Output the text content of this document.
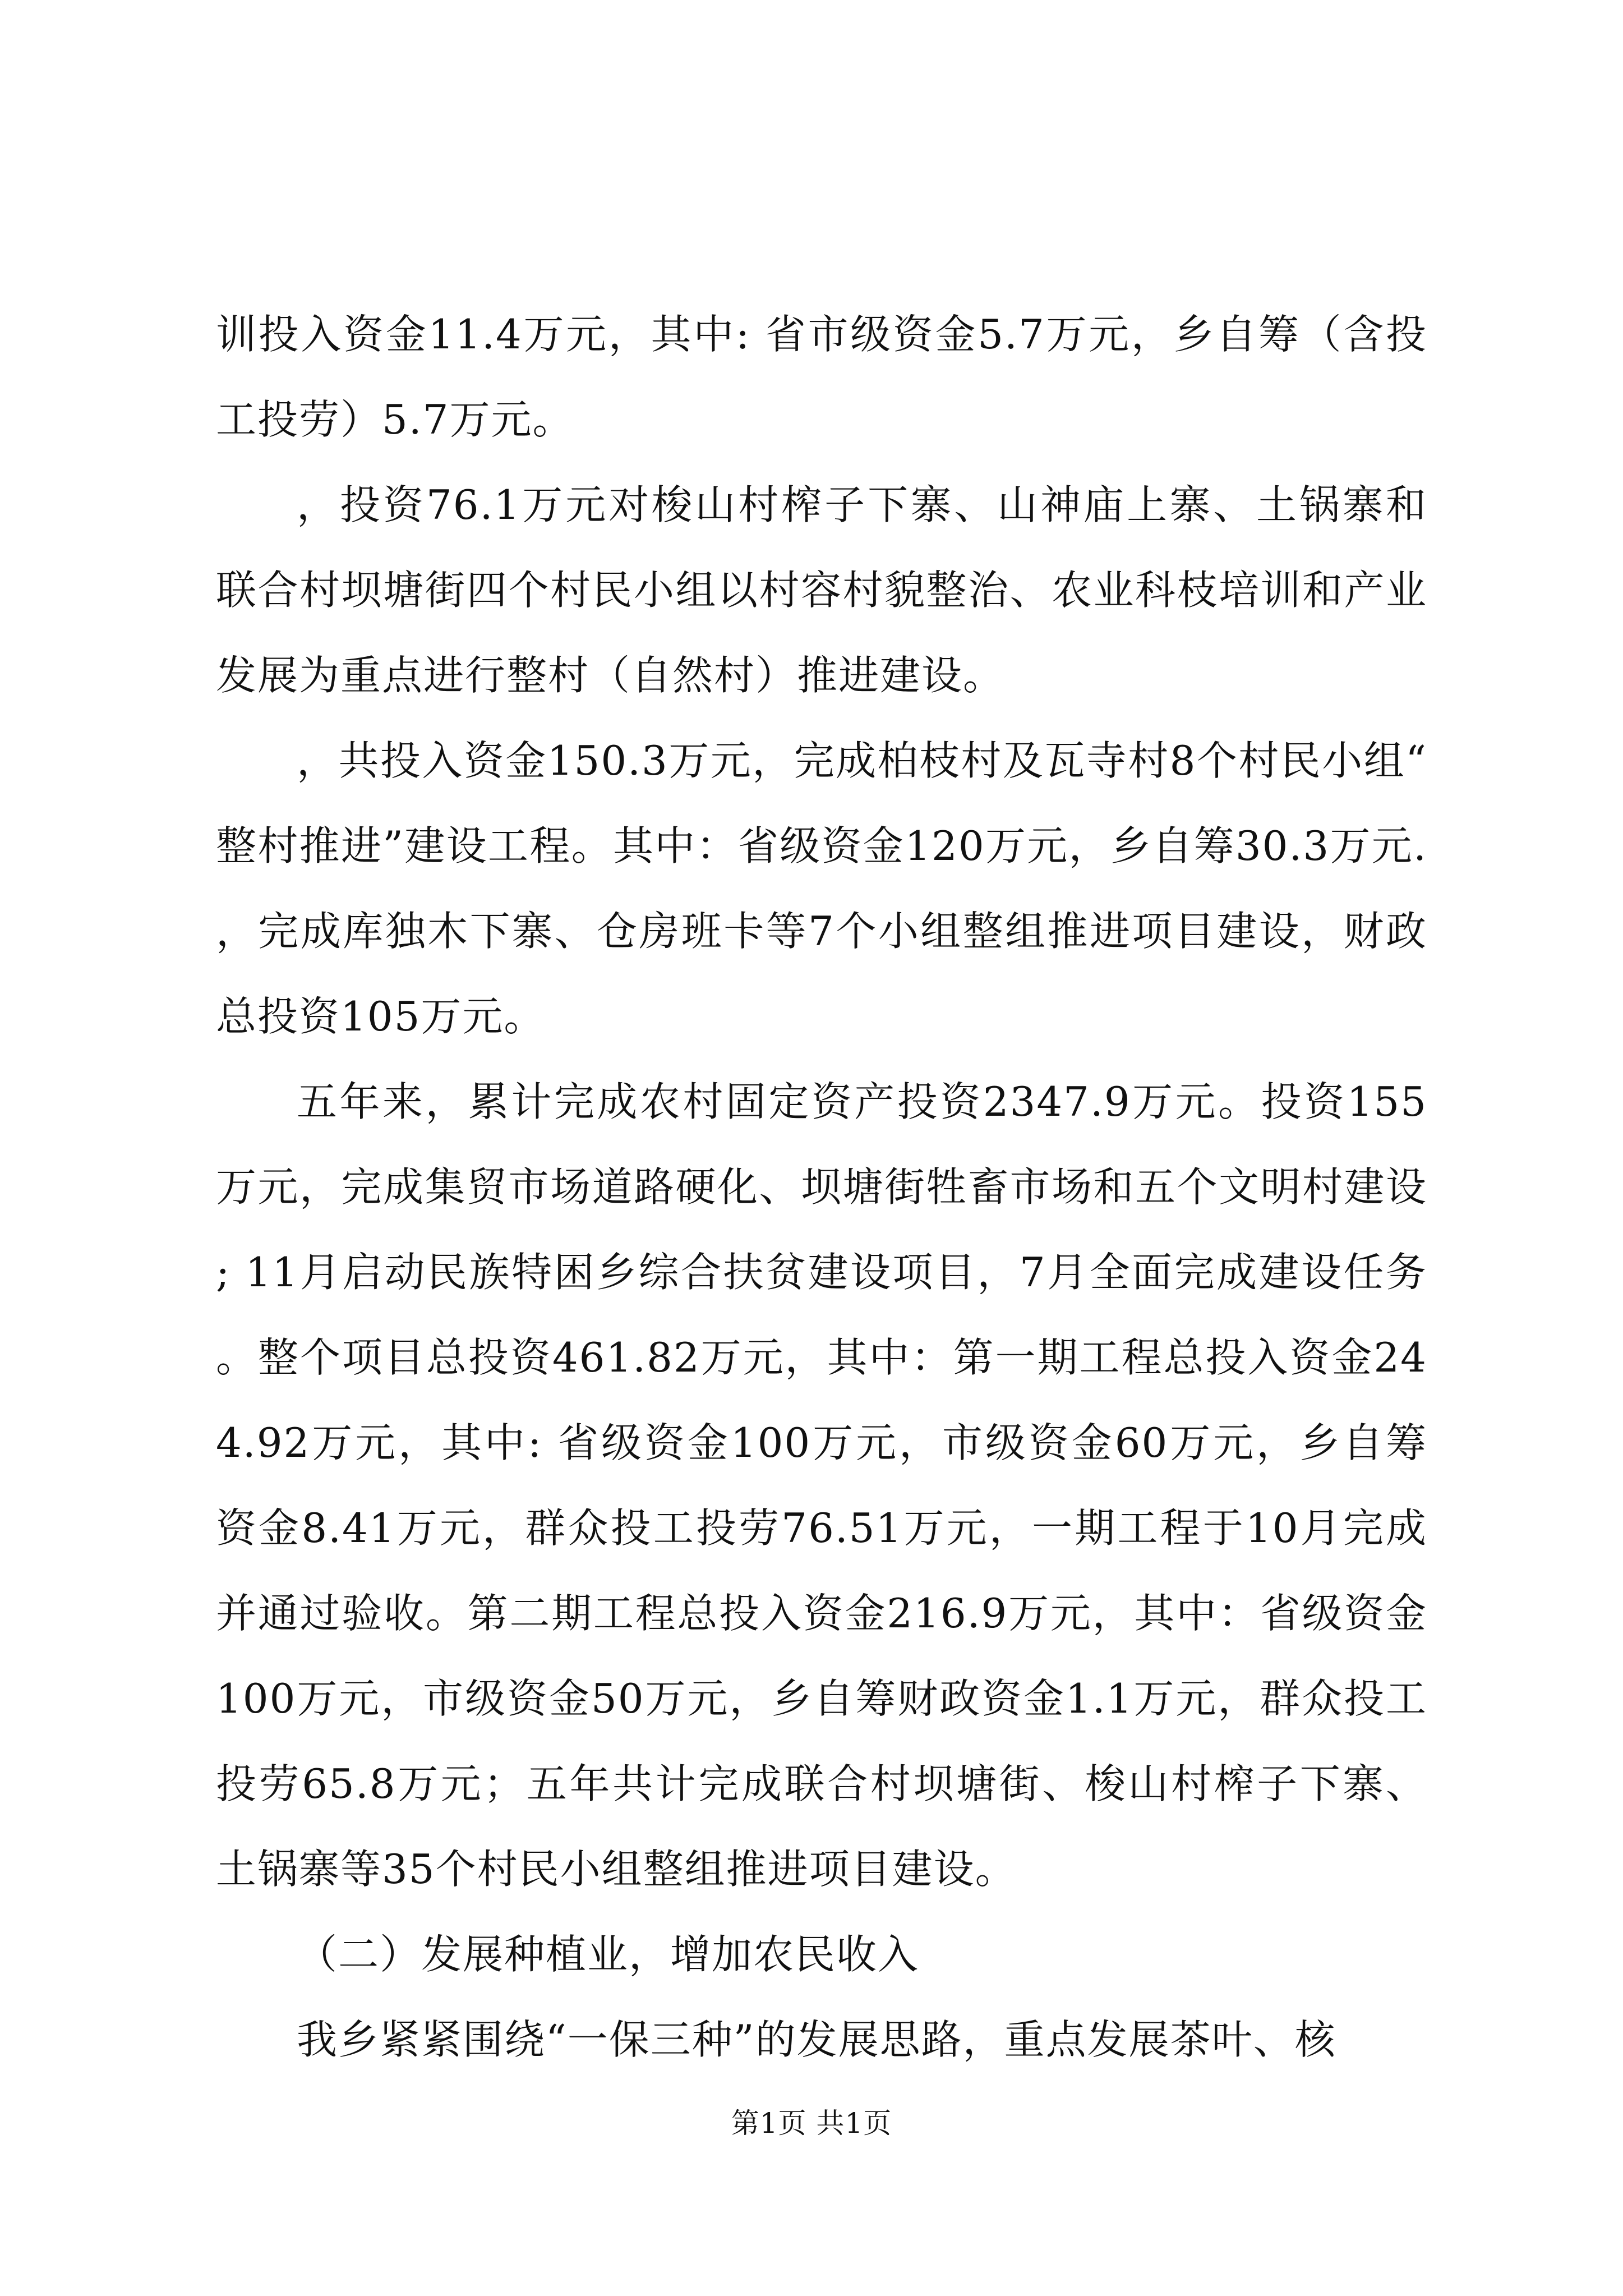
训投入资金11.4万元，其中: 省市级资金5.7万元，乡自筹（含投工投劳）5.7万元。

，投资76.1万元对梭山村榨子下寨、山神庙上寨、土锅寨和联合村坝塘街四个村民小组以村容村貌整治、农业科枝培训和产业发展为重点进行整村（自然村）推进建设。

，共投入资金150.3万元，完成柏枝村及瓦寺村8个村民小组“整村推进”建设工程。其中：省级资金120万元，乡自筹30.3万元.，完成库独木下寨、仓房班卡等7个小组整组推进项目建设，财政总投资105万元。

五年来，累计完成农村固定资产投资2347.9万元。投资155万元，完成集贸市场道路硬化、坝塘街牲畜市场和五个文明村建设; 11月启动民族特困乡综合扶贫建设项目，7月全面完成建设任务。整个项目总投资461.82万元，其中：第一期工程总投入资金244.92万元，其中: 省级资金100万元，市级资金60万元，乡自筹资金8.41万元，群众投工投劳76.51万元，一期工程于10月完成并通过验收。第二期工程总投入资金216.9万元，其中：省级资金100万元，市级资金50万元，乡自筹财政资金1.1万元，群众投工投劳65.8万元；五年共计完成联合村坝塘街、梭山村榨子下寨、土锅寨等35个村民小组整组推进项目建设。

（二）发展种植业，增加农民收入

我乡紧紧围绕“一保三种”的发展思路，重点发展茶叶、核

第1页 共1页
